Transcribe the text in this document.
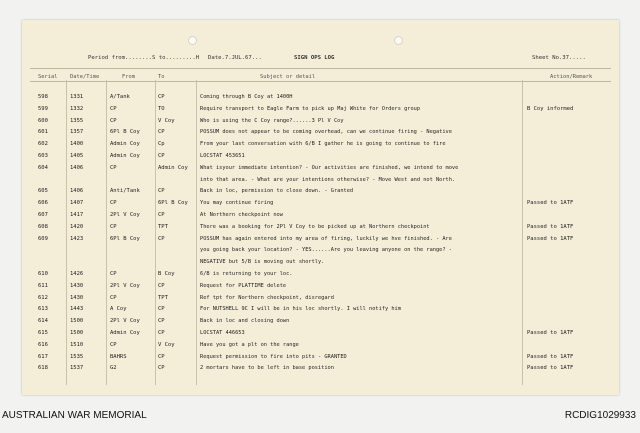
Period from........S to.........H Date.7.JUL.67...	SIGN OPS LOG	Sheet No.37.....
Serial Date/Time	From	To	Subject or detail	Action/Remark
598	1331	A/Tank	CP	Coming through B Coy at 1400H
599	1332	CP	TO	Require transport to Eagle Farm to pick up Maj White for Orders group	B Coy informed
600	1355	CP	V Coy	Who is using the C Coy range?......3 Pl V Coy
601	1357	6Pl B Coy	CP	POSSUM does not appear to be coming overhead, can we continue firing - Negative
602	1400	Admin Coy	Cp	From your last conversation with 6/B I gather he is going to continue to fire
603	1405	Admin Coy	CP	LOCSTAT 453651
604	1406	CP	Admin Coy	What isyour immediate intention? - Our activities are finished, we intend to move
into that area. - What are your intentions otherwise? - Move West and not North.
605	1406	Anti/Tank	CP	Back in loc, permission to close down. - Granted
606	1407	CP	6Pl B Coy	You may continue firing	Passed to 1ATF
607	1417	2Pl V Coy	CP	At Northern checkpoint now
608	1420	CP	TPT	There was a booking for 2Pl V Coy to be picked up at Northern checkpoint	Passed to 1ATF
609	1423	6Pl B Coy	CP	POSSUM has again entered into my area of firing, luckily we hve finished. - Are	Passed to 1ATF
you going back your location? - YES......Are you leaving anyone on the range? -
NEGATIVE but 5/B is moving out shortly.
610	1426	CP	B Coy	6/B is returning to your loc.
611	1430	2Pl V Coy	CP	Request for PLATTIME delete
612	1430	CP	TPT	Ref tpt for Northern checkpoint, disregard
613	1443	A Coy	CP	For NUTSHELL 9C I will be in his loc shortly. I will notify him
614	1500	2Pl V Coy	CP	Back in loc and closing down
615	1500	Admin Coy	CP	LOCSTAT 446653	Passed to 1ATF
616	1510	CP	V Coy	Have you got a plt on the range
617	1535	BAHRS	CP	Request permission to fire into pits - GRANTED	Passed to 1ATF
618	1537	G2	CP	2 mortars have to be left in base position	Passed to 1ATF
AUSTRALIAN WAR MEMORIAL	RCDIG1029933
